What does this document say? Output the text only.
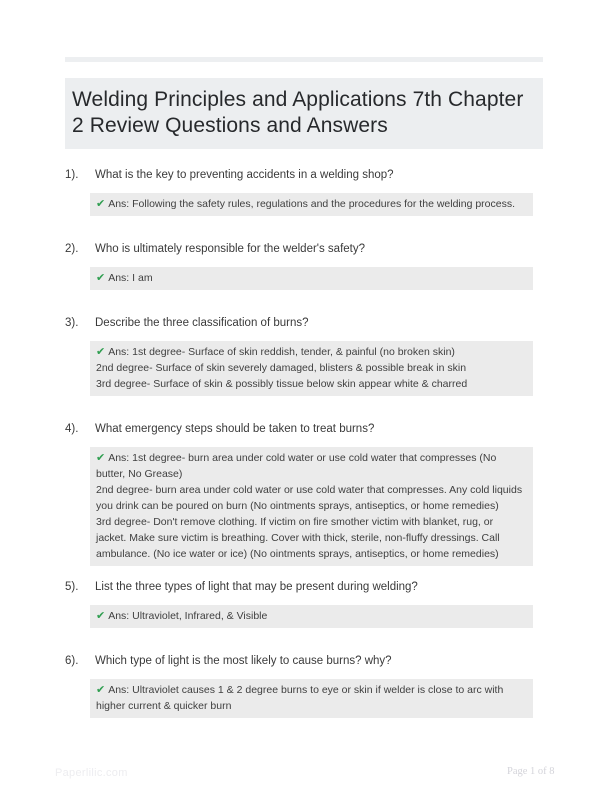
Welding Principles and Applications 7th Chapter
2 Review Questions and Answers
1).	What is the key to preventing accidents in a welding shop?
✔ Ans: Following the safety rules, regulations and the procedures for the welding process.
2).	Who is ultimately responsible for the welder's safety?
✔ Ans: I am
3).	Describe the three classification of burns?
✔ Ans: 1st degree- Surface of skin reddish, tender, & painful (no broken skin)
2nd degree- Surface of skin severely damaged, blisters & possible break in skin
3rd degree- Surface of skin & possibly tissue below skin appear white & charred
4).	What emergency steps should be taken to treat burns?
✔ Ans: 1st degree- burn area under cold water or use cold water that compresses (No butter, No Grease)
2nd degree- burn area under cold water or use cold water that compresses. Any cold liquids you drink can be poured on burn (No ointments sprays, antiseptics, or home remedies)
3rd degree- Don't remove clothing. If victim on fire smother victim with blanket, rug, or jacket. Make sure victim is breathing. Cover with thick, sterile, non-fluffy dressings. Call ambulance. (No ice water or ice) (No ointments sprays, antiseptics, or home remedies)
5).	List the three types of light that may be present during welding?
✔ Ans: Ultraviolet, Infrared, & Visible
6).	Which type of light is the most likely to cause burns? why?
✔ Ans: Ultraviolet causes 1 & 2 degree burns to eye or skin if welder is close to arc with higher current & quicker burn
Paperlilic.com	Page 1 of 8
